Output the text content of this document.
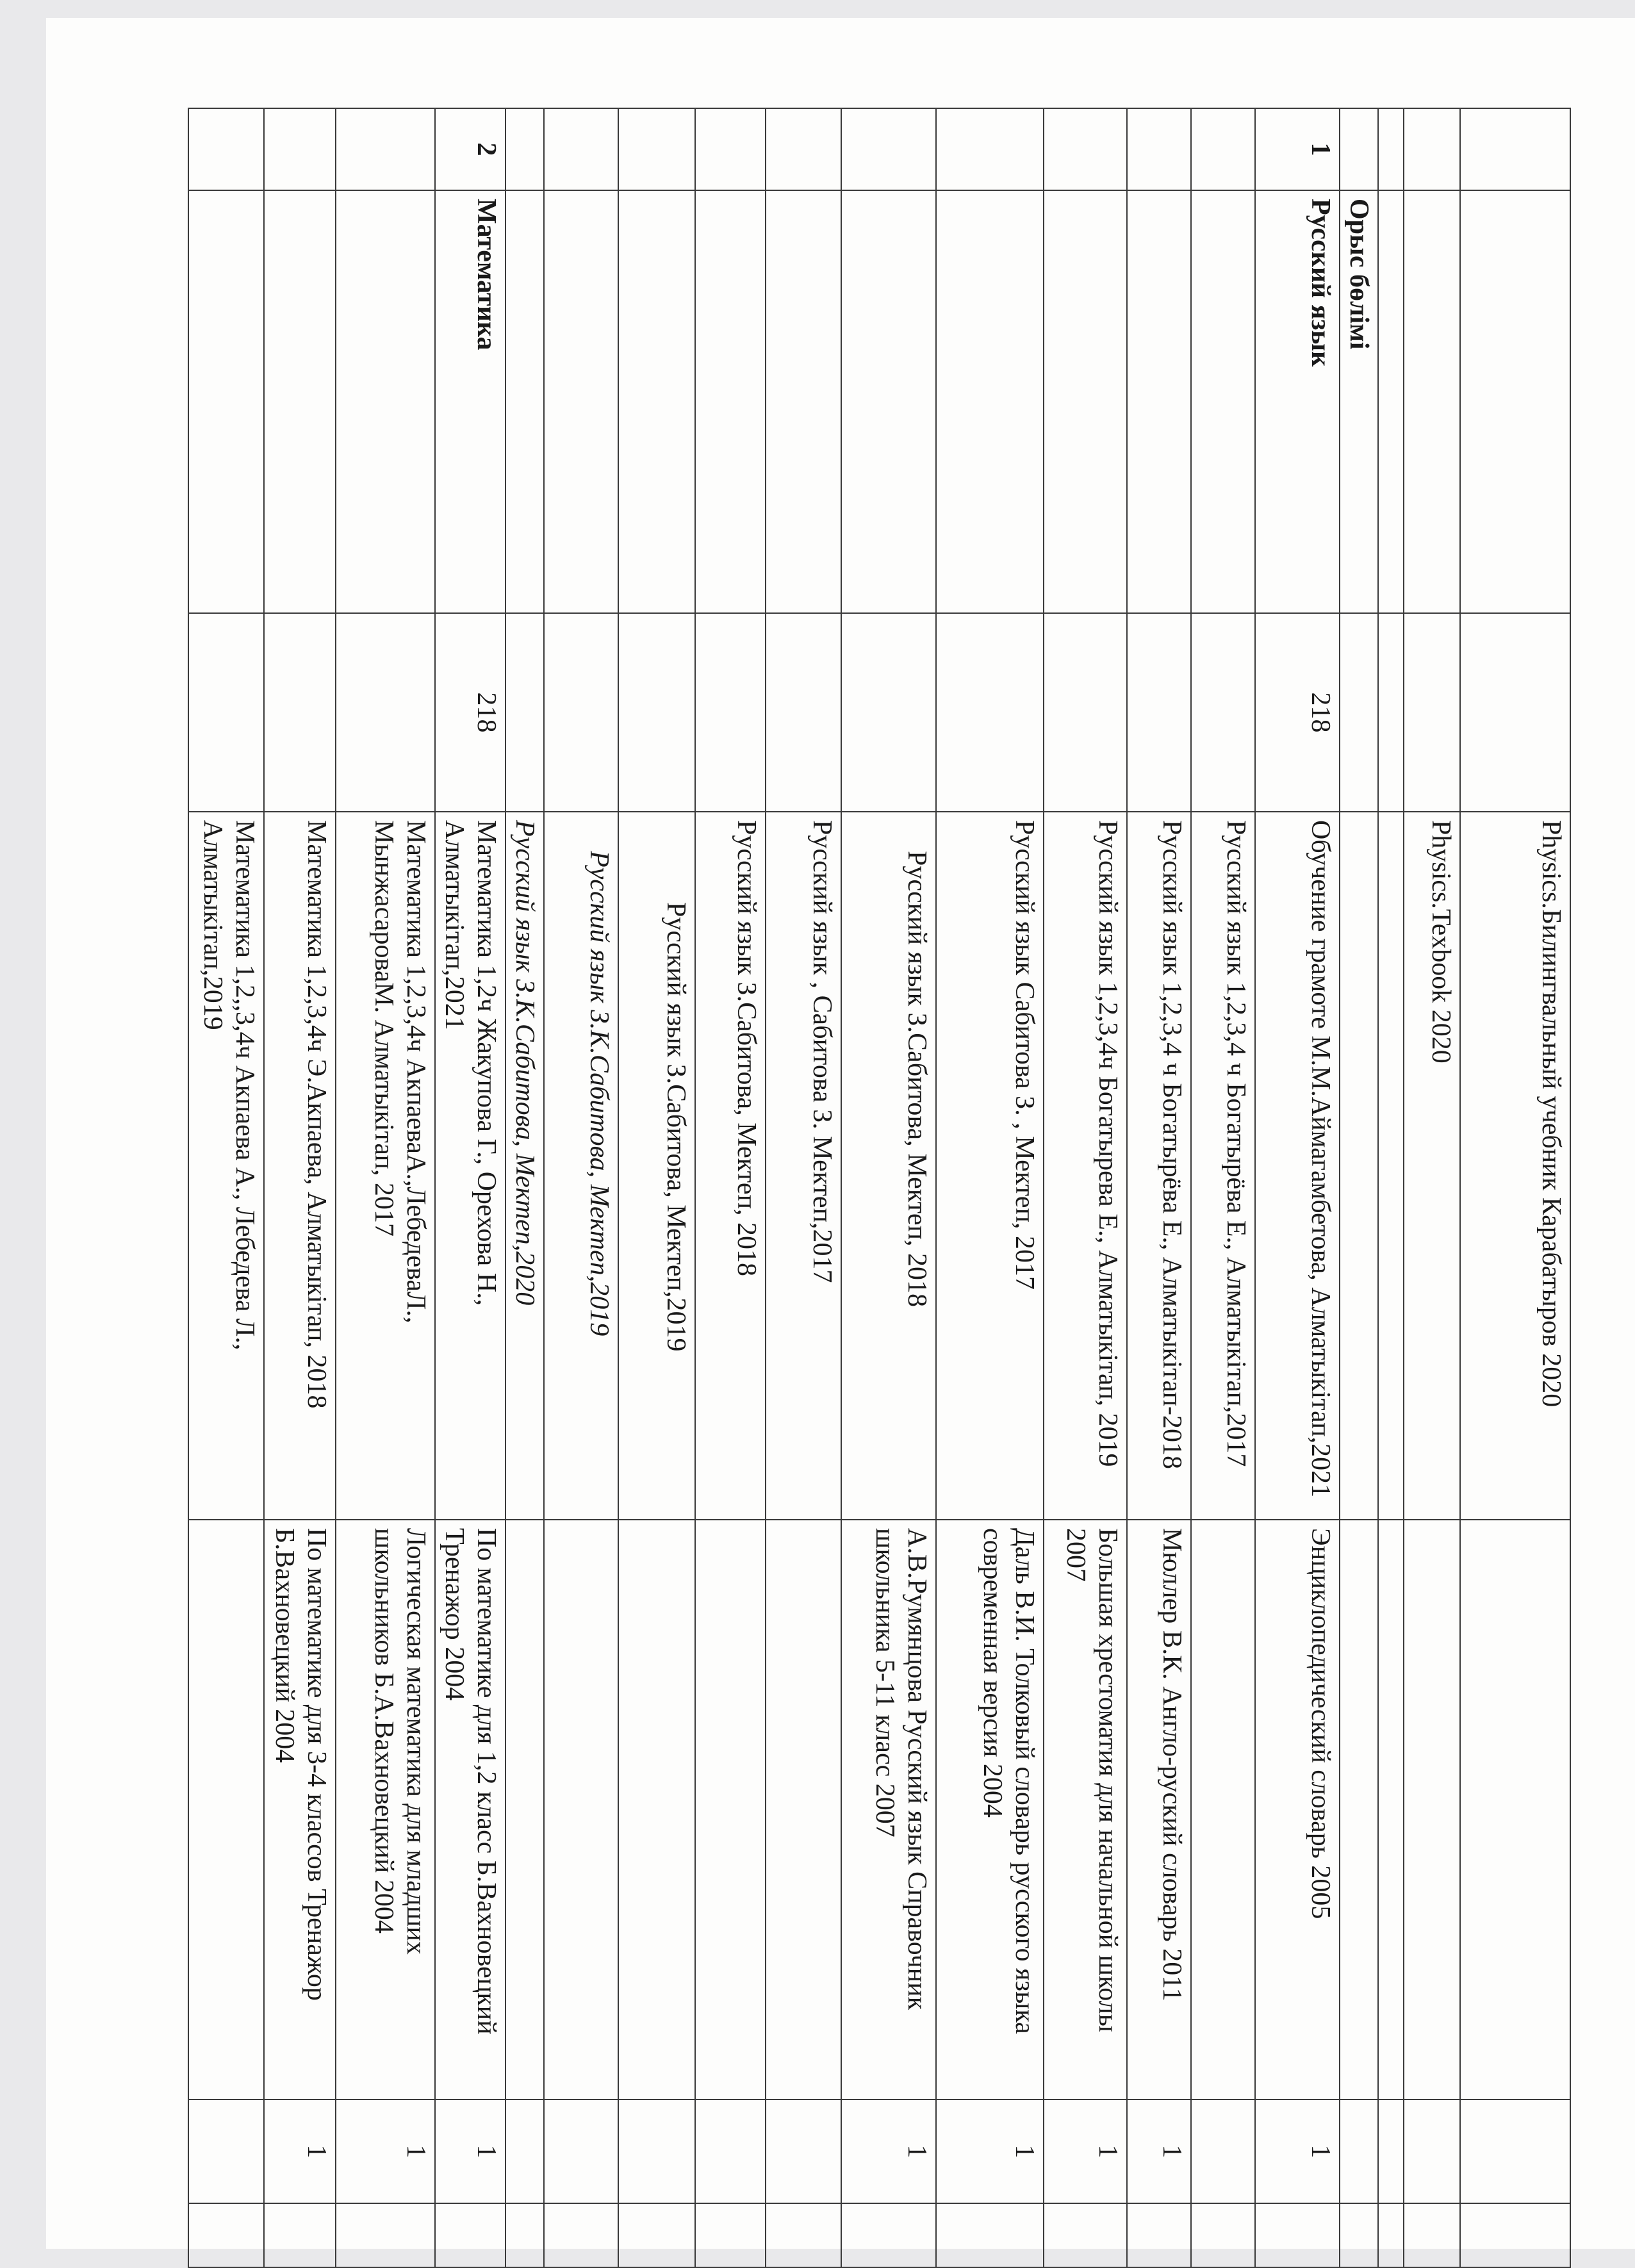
			Physics.Билингвальный учебник Карабатыров 2020			
			Physics.Texbook 2020			

	Орыс бөлімі					
1	Русский язык	218	Обучение грамоте М.М.Аймагамбетова, Алматыкітап,2021	Энциклопедический словарь 2005	1	
			Русский язык 1,2,3,4 ч Богатырёва Е., Алматыкітап,2017			
			Русский язык 1,2,3,4 ч Богатырёва Е., Алматыкітап-2018	Мюллер В.К. Англо-руский словарь 2011	1	
			Русский язык 1,2,3,4ч Богатырева Е., Алматыкітап, 2019	Большая хрестоматия для начальной школы 2007	1	
			Русский язык Сабитова З. , Мектеп, 2017	Даль В.И. Толковый словарь русского языка современная версия 2004	1	
			Русский язык З.Сабитова, Мектеп, 2018	А.В.Румянцова Русский язык Справочник школьника 5-11 класс 2007	1	
			Русский язык , Сабитова З. Мектеп,2017			
			Русский язык З.Сабитова, Мектеп, 2018			
			Русский язык З.Сабитова, Мектеп,2019			
			Русский язык З.К.Сабитова, Мектеп,2019			
			Русский язык З.К.Сабитова, Мектеп,2020			
2	Математика	218	Математика 1,2ч Жакупова Г., Орехова Н., Алматыкітап,2021	По математике для 1,2 класс Б.Вахновецкий Тренажор 2004	1	
			Математика 1,2,3,4ч АкпаеваА.,ЛебедеваЛ., МынжасароваМ. Алматыкітап, 2017	Логическая математика для младших школьников Б.А.Вахновецкий 2004	1	
			Математика 1,2,3,4ч Э.Акпаева, Алматыкітап, 2018	По математике для 3-4 классов Тренажор Б.Вахновецкий 2004	1	
			Математика 1,2,,3,4ч Акпаева А., Лебедева Л., Алматыкітап,2019			
